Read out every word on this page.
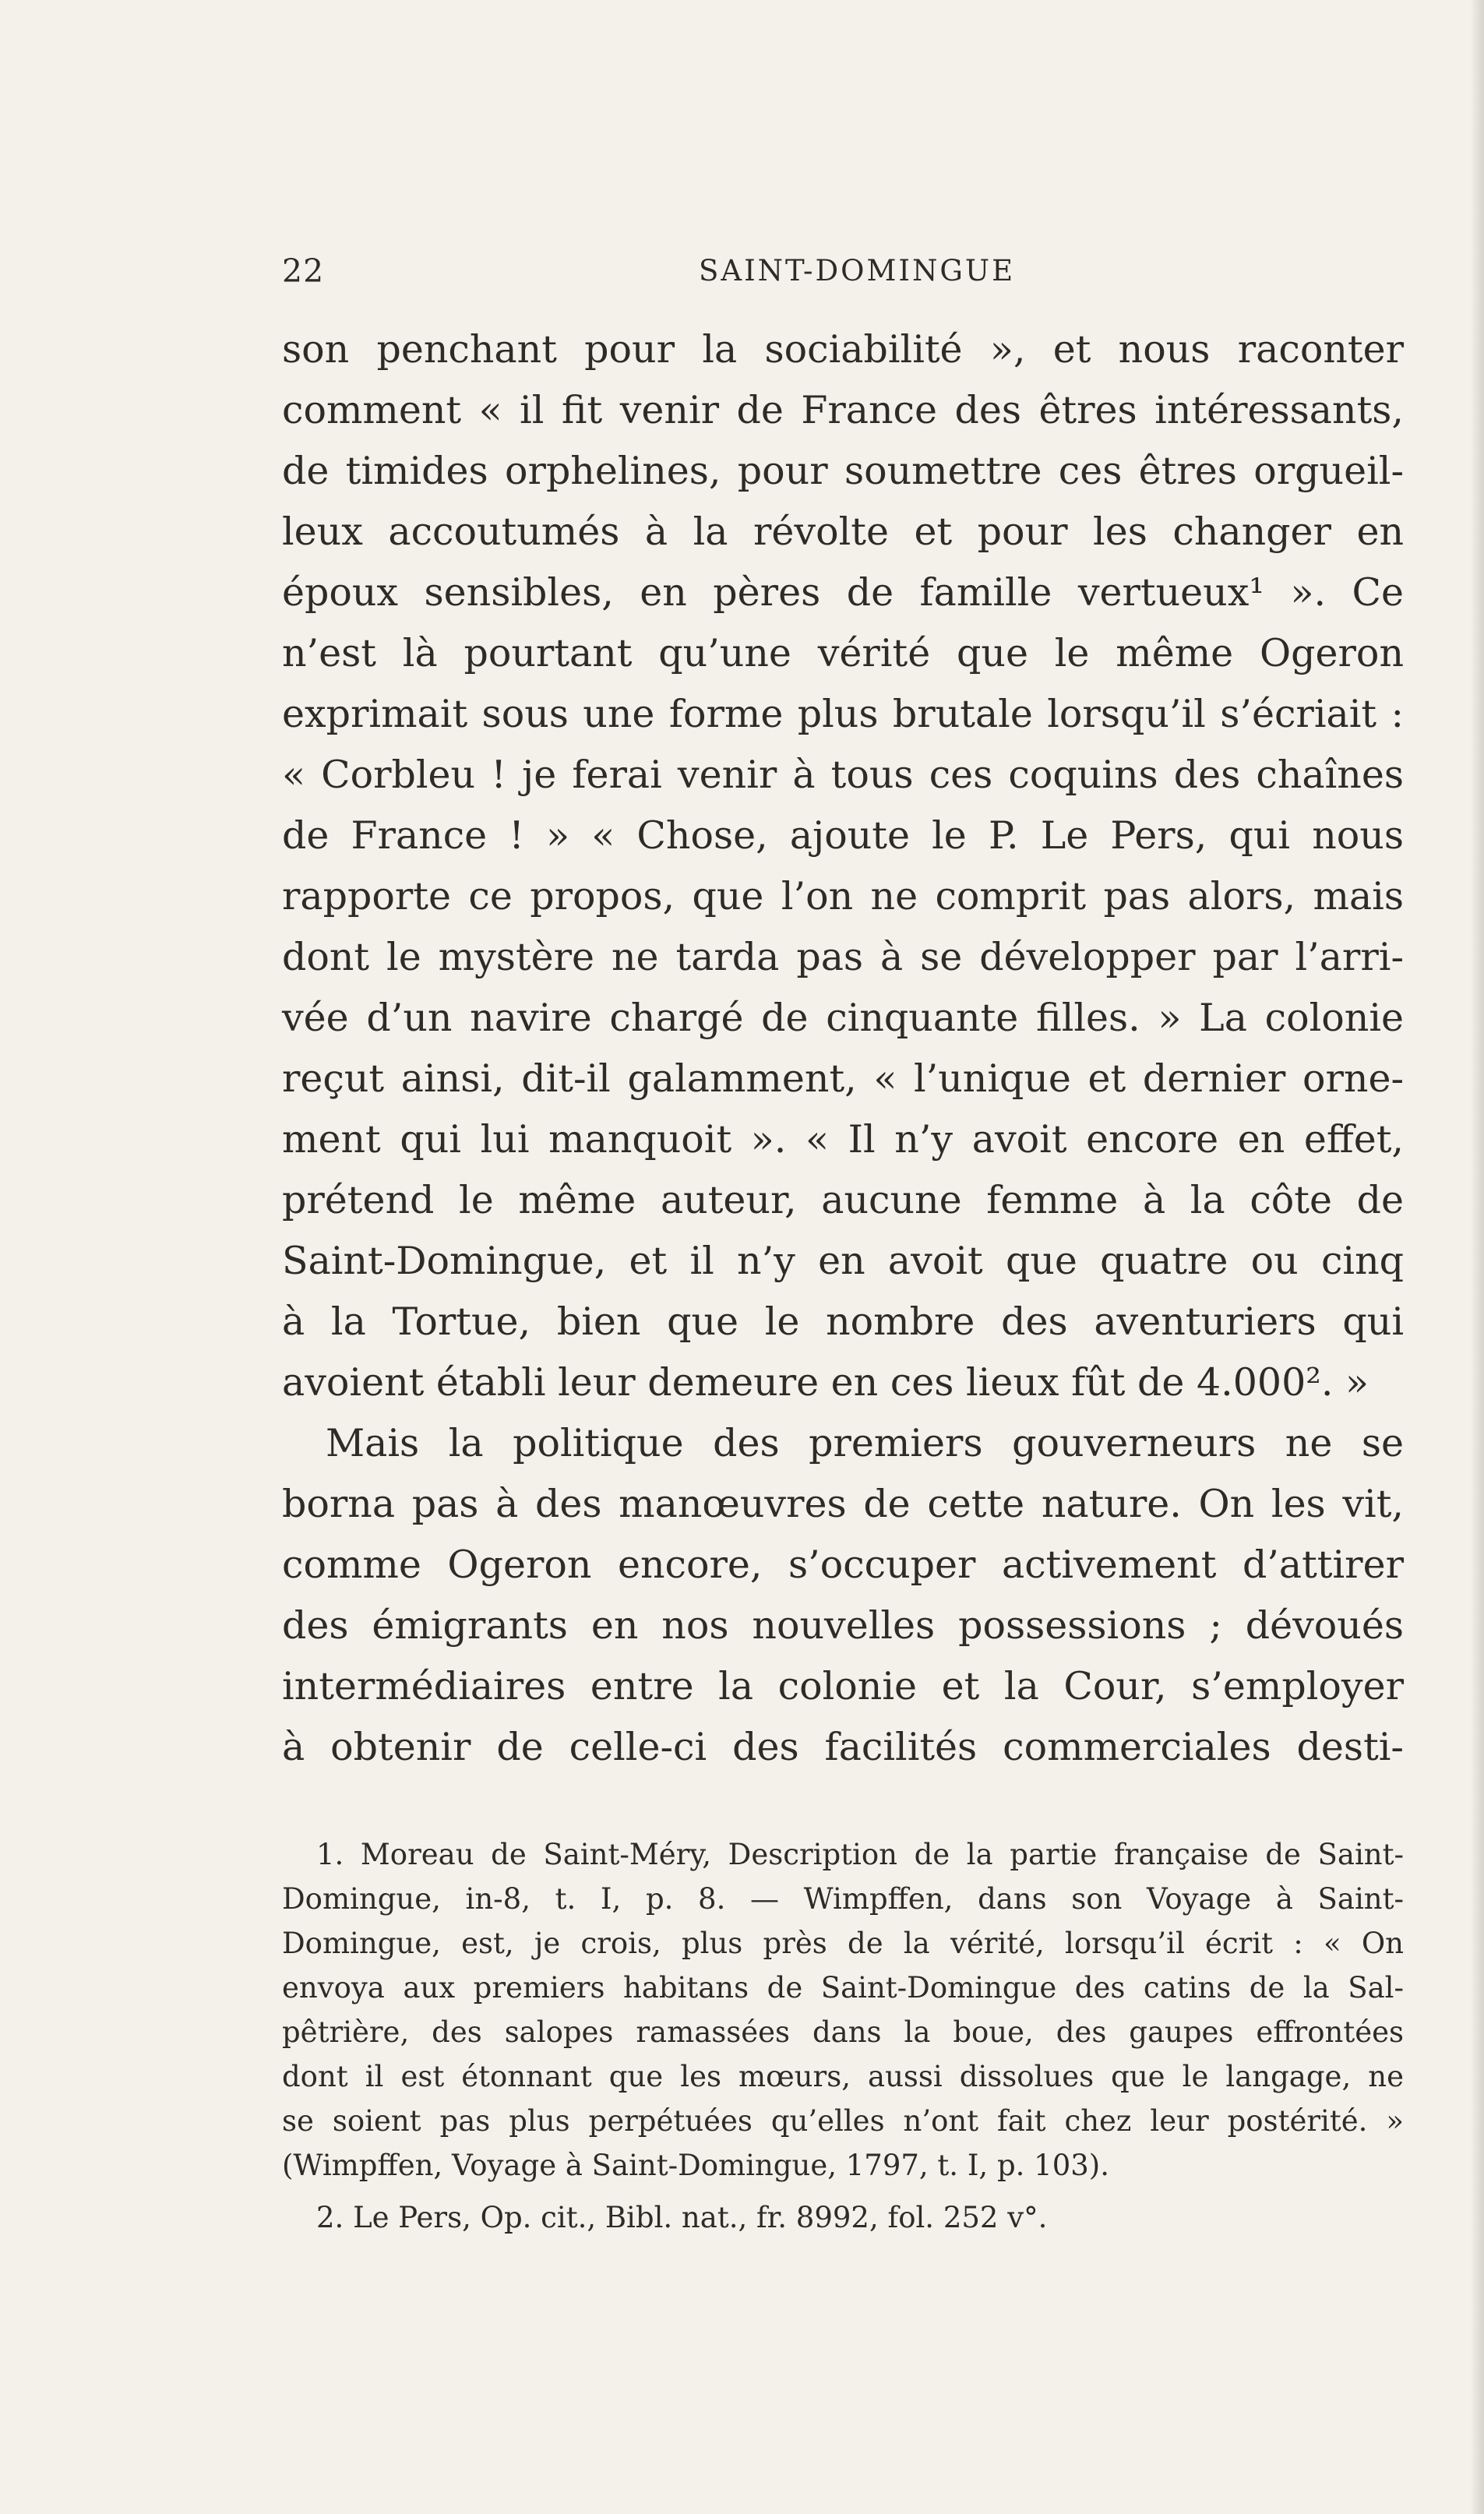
22	SAINT-DOMINGUE
son penchant pour la sociabilité », et nous raconter
comment « il fit venir de France des êtres intéressants,
de timides orphelines, pour soumettre ces êtres orgueil-
leux accoutumés à la révolte et pour les changer en
époux sensibles, en pères de famille vertueux¹ ». Ce
n’est là pourtant qu’une vérité que le même Ogeron
exprimait sous une forme plus brutale lorsqu’il s’écriait :
« Corbleu ! je ferai venir à tous ces coquins des chaînes
de France ! » « Chose, ajoute le P. Le Pers, qui nous
rapporte ce propos, que l’on ne comprit pas alors, mais
dont le mystère ne tarda pas à se développer par l’arri-
vée d’un navire chargé de cinquante filles. » La colonie
reçut ainsi, dit-il galamment, « l’unique et dernier orne-
ment qui lui manquoit ». « Il n’y avoit encore en effet,
prétend le même auteur, aucune femme à la côte de
Saint-Domingue, et il n’y en avoit que quatre ou cinq
à la Tortue, bien que le nombre des aventuriers qui
avoient établi leur demeure en ces lieux fût de 4.000². »
Mais la politique des premiers gouverneurs ne se
borna pas à des manœuvres de cette nature. On les vit,
comme Ogeron encore, s’occuper activement d’attirer
des émigrants en nos nouvelles possessions ; dévoués
intermédiaires entre la colonie et la Cour, s’employer
à obtenir de celle-ci des facilités commerciales desti-
1. Moreau de Saint-Méry, Description de la partie française de Saint-
Domingue, in-8, t. I, p. 8. — Wimpffen, dans son Voyage à Saint-
Domingue, est, je crois, plus près de la vérité, lorsqu’il écrit : « On
envoya aux premiers habitans de Saint-Domingue des catins de la Sal-
pêtrière, des salopes ramassées dans la boue, des gaupes effrontées
dont il est étonnant que les mœurs, aussi dissolues que le langage, ne
se soient pas plus perpétuées qu’elles n’ont fait chez leur postérité. »
(Wimpffen, Voyage à Saint-Domingue, 1797, t. I, p. 103).
2. Le Pers, Op. cit., Bibl. nat., fr. 8992, fol. 252 v°.
